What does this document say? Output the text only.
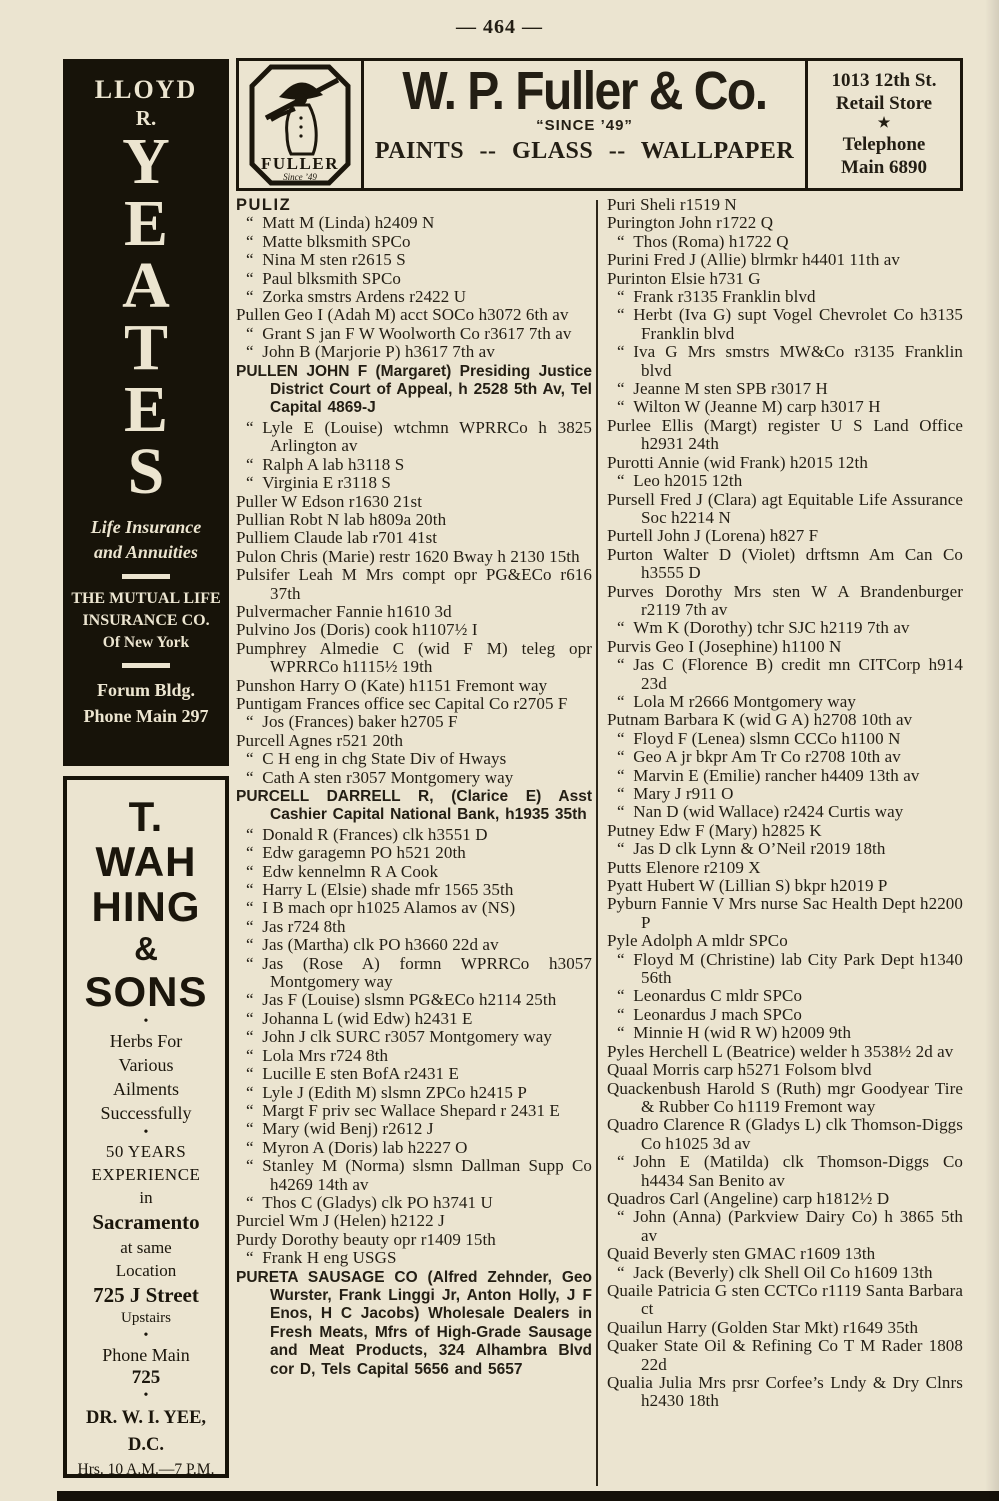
— 464 —
LLOYD
R.
Y
E
A
T
E
S
Life Insurance
and Annuities
THE MUTUAL LIFE
INSURANCE CO.
Of New York
Forum Bldg.
Phone Main 297
T.
WAH
HING
&
SONS
•
Herbs For
Various
Ailments
Successfully
•
50 YEARS
EXPERIENCE
in
Sacramento
at same
Location
725 J Street
Upstairs
•
Phone Main
725
•
DR. W. I. YEE, D.C.
Hrs. 10 A.M.—7 P.M.
FULLER
Since ’49
W. P. Fuller & Co.
“SINCE ’49”
PAINTS -- GLASS -- WALLPAPER
1013 12th St.
Retail Store
★
Telephone
Main 6890
PULIZ
“ Matt M (Linda) h2409 N
“ Matte blksmith SPCo
“ Nina M sten r2615 S
“ Paul blksmith SPCo
“ Zorka smstrs Ardens r2422 U
Pullen Geo I (Adah M) acct SOCo h3072 6th av
“ Grant S jan F W Woolworth Co r3617 7th av
“ John B (Marjorie P) h3617 7th av
PULLEN JOHN F (Margaret) Presiding Justice District Court of Appeal, h 2528 5th Av, Tel Capital 4869-J
“ Lyle E (Louise) wtchmn WPRRCo h 3825 Arlington av
“ Ralph A lab h3118 S
“ Virginia E r3118 S
Puller W Edson r1630 21st
Pullian Robt N lab h809a 20th
Pulliem Claude lab r701 41st
Pulon Chris (Marie) restr 1620 Bway h 2130 15th
Pulsifer Leah M Mrs compt opr PG&ECo r616 37th
Pulvermacher Fannie h1610 3d
Pulvino Jos (Doris) cook h1107½ I
Pumphrey Almedie C (wid F M) teleg opr WPRRCo h1115½ 19th
Punshon Harry O (Kate) h1151 Fremont way
Puntigam Frances office sec Capital Co r2705 F
“ Jos (Frances) baker h2705 F
Purcell Agnes r521 20th
“ C H eng in chg State Div of Hways
“ Cath A sten r3057 Montgomery way
PURCELL DARRELL R, (Clarice E) Asst Cashier Capital National Bank, h1935 35th
“ Donald R (Frances) clk h3551 D
“ Edw garagemn PO h521 20th
“ Edw kennelmn R A Cook
“ Harry L (Elsie) shade mfr 1565 35th
“ I B mach opr h1025 Alamos av (NS)
“ Jas r724 8th
“ Jas (Martha) clk PO h3660 22d av
“ Jas (Rose A) formn WPRRCo h3057 Montgomery way
“ Jas F (Louise) slsmn PG&ECo h2114 25th
“ Johanna L (wid Edw) h2431 E
“ John J clk SURC r3057 Montgomery way
“ Lola Mrs r724 8th
“ Lucille E sten BofA r2431 E
“ Lyle J (Edith M) slsmn ZPCo h2415 P
“ Margt F priv sec Wallace Shepard r 2431 E
“ Mary (wid Benj) r2612 J
“ Myron A (Doris) lab h2227 O
“ Stanley M (Norma) slsmn Dallman Supp Co h4269 14th av
“ Thos C (Gladys) clk PO h3741 U
Purciel Wm J (Helen) h2122 J
Purdy Dorothy beauty opr r1409 15th
“ Frank H eng USGS
PURETA SAUSAGE CO (Alfred Zehnder, Geo Wurster, Frank Linggi Jr, Anton Holly, J F Enos, H C Jacobs) Wholesale Dealers in Fresh Meats, Mfrs of High-Grade Sausage and Meat Products, 324 Alhambra Blvd cor D, Tels Capital 5656 and 5657
Puri Sheli r1519 N
Purington John r1722 Q
“ Thos (Roma) h1722 Q
Purini Fred J (Allie) blrmkr h4401 11th av
Purinton Elsie h731 G
“ Frank r3135 Franklin blvd
“ Herbt (Iva G) supt Vogel Chevrolet Co h3135 Franklin blvd
“ Iva G Mrs smstrs MW&Co r3135 Franklin blvd
“ Jeanne M sten SPB r3017 H
“ Wilton W (Jeanne M) carp h3017 H
Purlee Ellis (Margt) register U S Land Office h2931 24th
Purotti Annie (wid Frank) h2015 12th
“ Leo h2015 12th
Pursell Fred J (Clara) agt Equitable Life Assurance Soc h2214 N
Purtell John J (Lorena) h827 F
Purton Walter D (Violet) drftsmn Am Can Co h3555 D
Purves Dorothy Mrs sten W A Brandenburger r2119 7th av
“ Wm K (Dorothy) tchr SJC h2119 7th av
Purvis Geo I (Josephine) h1100 N
“ Jas C (Florence B) credit mn CITCorp h914 23d
“ Lola M r2666 Montgomery way
Putnam Barbara K (wid G A) h2708 10th av
“ Floyd F (Lenea) slsmn CCCo h1100 N
“ Geo A jr bkpr Am Tr Co r2708 10th av
“ Marvin E (Emilie) rancher h4409 13th av
“ Mary J r911 O
“ Nan D (wid Wallace) r2424 Curtis way
Putney Edw F (Mary) h2825 K
“ Jas D clk Lynn & O’Neil r2019 18th
Putts Elenore r2109 X
Pyatt Hubert W (Lillian S) bkpr h2019 P
Pyburn Fannie V Mrs nurse Sac Health Dept h2200 P
Pyle Adolph A mldr SPCo
“ Floyd M (Christine) lab City Park Dept h1340 56th
“ Leonardus C mldr SPCo
“ Leonardus J mach SPCo
“ Minnie H (wid R W) h2009 9th
Pyles Herchell L (Beatrice) welder h 3538½ 2d av
Quaal Morris carp h5271 Folsom blvd
Quackenbush Harold S (Ruth) mgr Goodyear Tire & Rubber Co h1119 Fremont way
Quadro Clarence R (Gladys L) clk Thomson-Diggs Co h1025 3d av
“ John E (Matilda) clk Thomson-Diggs Co h4434 San Benito av
Quadros Carl (Angeline) carp h1812½ D
“ John (Anna) (Parkview Dairy Co) h 3865 5th av
Quaid Beverly sten GMAC r1609 13th
“ Jack (Beverly) clk Shell Oil Co h1609 13th
Quaile Patricia G sten CCTCo r1119 Santa Barbara ct
Quailun Harry (Golden Star Mkt) r1649 35th
Quaker State Oil & Refining Co T M Rader 1808 22d
Qualia Julia Mrs prsr Corfee’s Lndy & Dry Clnrs h2430 18th
